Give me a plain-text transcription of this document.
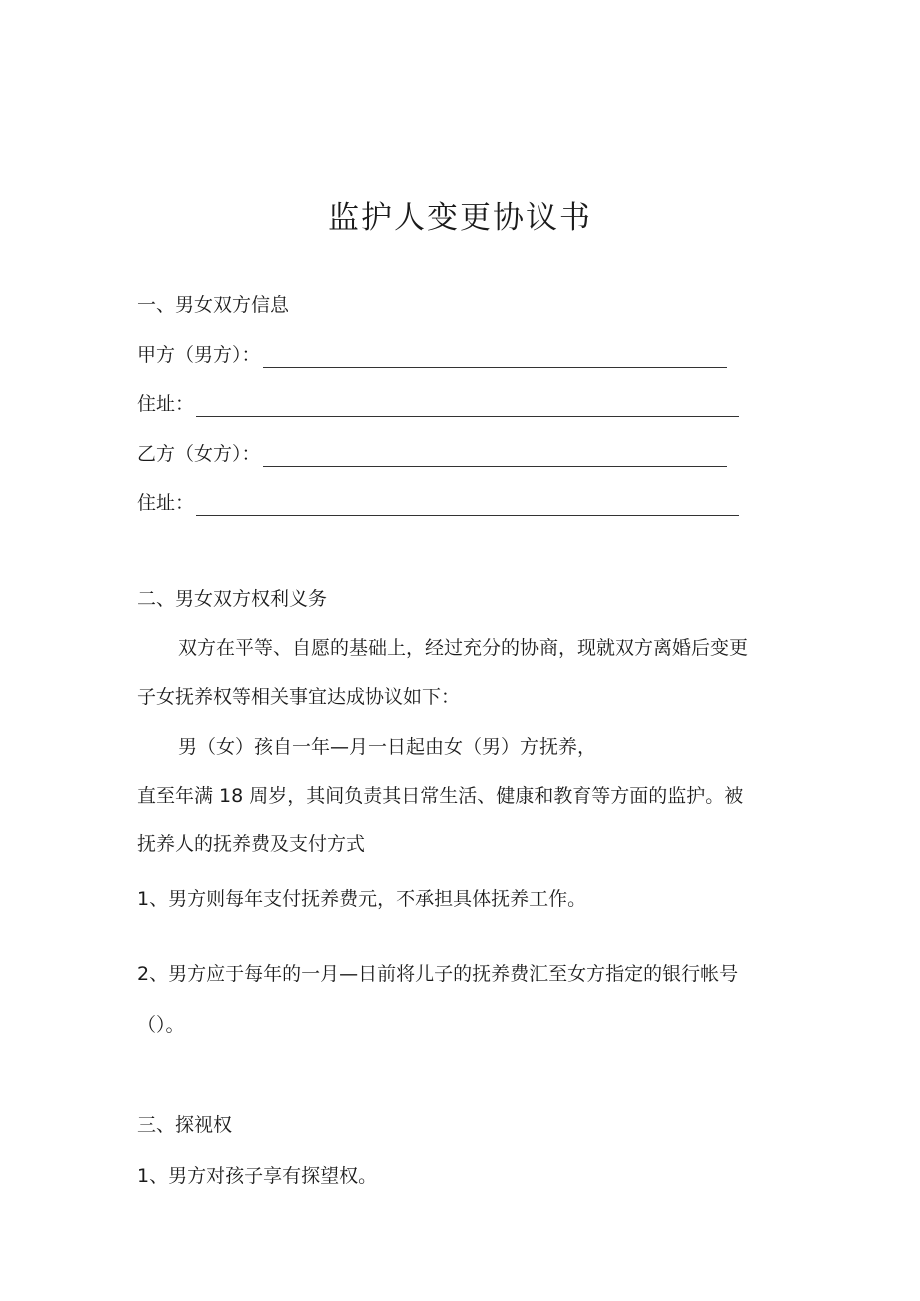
监护人变更协议书
一、男女双方信息
甲方（男方）：
住址：
乙方（女方）：
住址：
二、男女双方权利义务
双方在平等、自愿的基础上，经过充分的协商，现就双方离婚后变更
子女抚养权等相关事宜达成协议如下：
男（女）孩自一年—月一日起由女（男）方抚养，
直至年满 18 周岁，其间负责其日常生活、健康和教育等方面的监护。被
抚养人的抚养费及支付方式
1、男方则每年支付抚养费元，不承担具体抚养工作。
2、男方应于每年的一月—日前将儿子的抚养费汇至女方指定的银行帐号
（）。
三、探视权
1、男方对孩子享有探望权。
